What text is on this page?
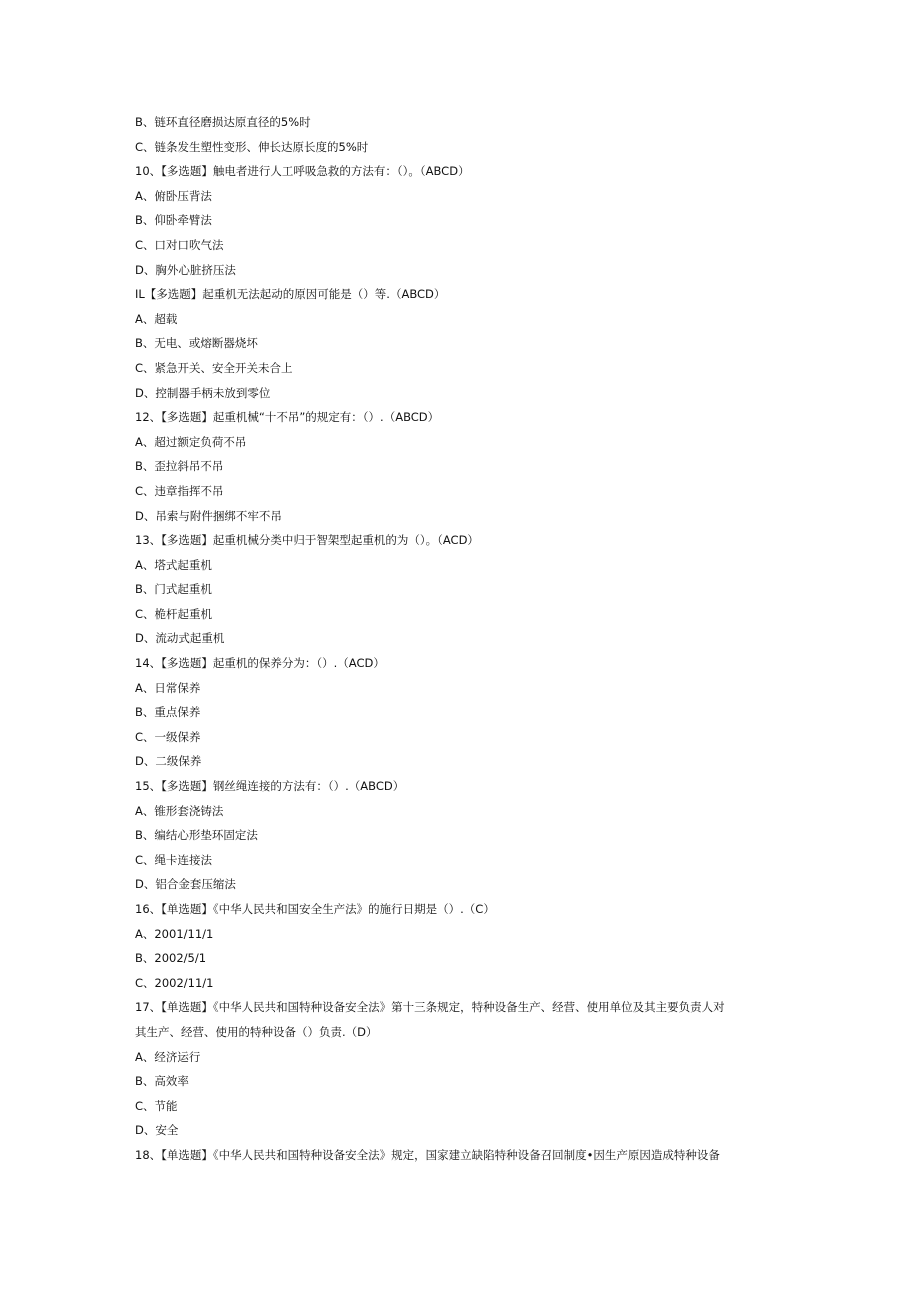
B、链环直径磨损达原直径的5%时
C、链条发生塑性变形、伸长达原长度的5%时
10、【多选题】触电者进行人工呼吸急救的方法有：（）。（ABCD）
A、俯卧压背法
B、仰卧牵臂法
C、口对口吹气法
D、胸外心脏挤压法
IL【多选题】起重机无法起动的原因可能是（）等.（ABCD）
A、超载
B、无电、或熔断器烧坏
C、紧急开关、安全开关未合上
D、控制器手柄未放到零位
12、【多选题】起重机械“十不吊”的规定有：（）.（ABCD）
A、超过额定负荷不吊
B、歪拉斜吊不吊
C、违章指挥不吊
D、吊索与附件捆绑不牢不吊
13、【多选题】起重机械分类中归于智架型起重机的为（）。（ACD）
A、塔式起重机
B、门式起重机
C、桅杆起重机
D、流动式起重机
14、【多选题】起重机的保养分为：（）.（ACD）
A、日常保养
B、重点保养
C、一级保养
D、二级保养
15、【多选题】钢丝绳连接的方法有：（）.（ABCD）
A、锥形套浇铸法
B、编结心形垫环固定法
C、绳卡连接法
D、铝合金套压缩法
16、【单选题】《中华人民共和国安全生产法》的施行日期是（）.（C）
A、2001/11/1
B、2002/5/1
C、2002/11/1
17、【单选题】《中华人民共和国特种设备安全法》第十三条规定，特种设备生产、经营、使用单位及其主要负责人对
其生产、经营、使用的特种设备（）负责.（D）
A、经济运行
B、高效率
C、节能
D、安全
18、【单选题】《中华人民共和国特种设备安全法》规定，国家建立缺陷特种设备召回制度•因生产原因造成特种设备
